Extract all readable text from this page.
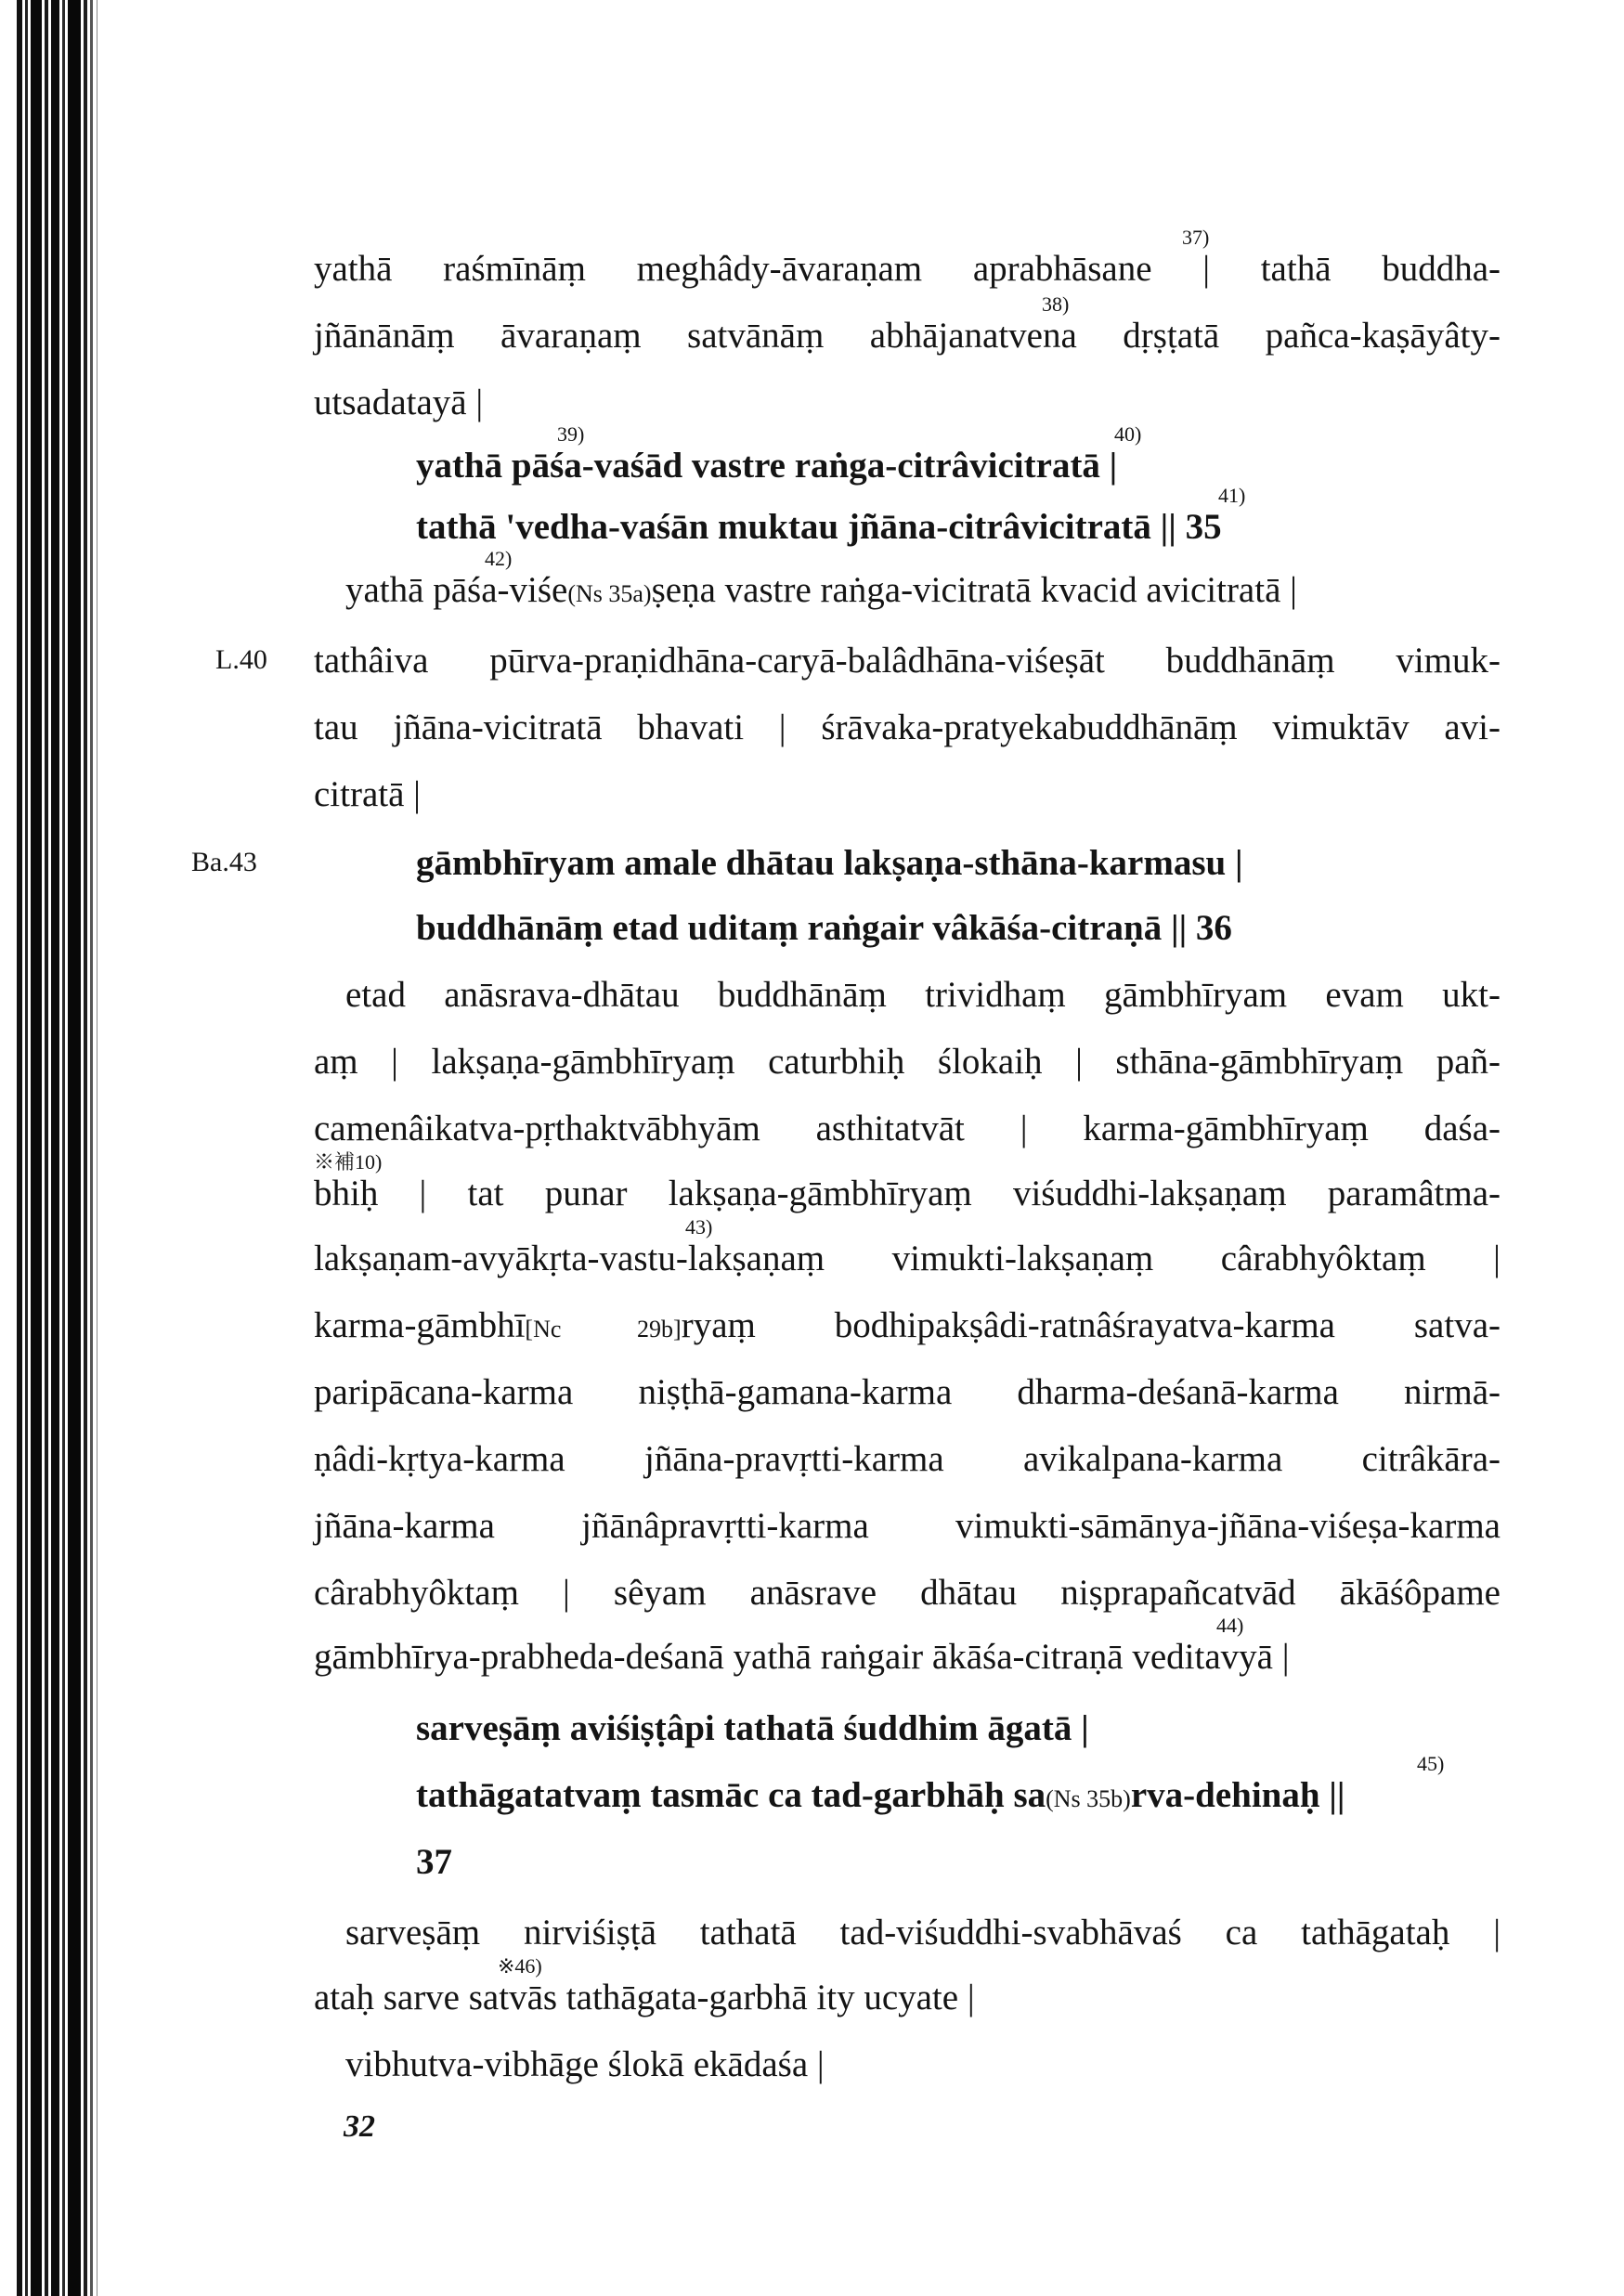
37)
yathā raśmīnāṃ meghâdy-āvaraṇam aprabhāsane | tathā buddha-
38)
jñānānāṃ āvaraṇaṃ satvānāṃ abhājanatvena dṛṣṭatā pañca-kaṣāyâty-
utsadatayā |
39)	40)
yathā pāśa-vaśād vastre raṅga-citrâvicitratā |
41)
tathā 'vedha-vaśān muktau jñāna-citrâvicitratā || 35
42)
yathā pāśa-viśe(Ns 35a)ṣeṇa vastre raṅga-vicitratā kvacid avicitratā |
L.40 tathâiva pūrva-praṇidhāna-caryā-balâdhāna-viśeṣāt buddhānāṃ vimuk-
tau jñāna-vicitratā bhavati | śrāvaka-pratyekabuddhānāṃ vimuktāv avi-
citratā |
Ba.43	gāmbhīryam amale dhātau lakṣaṇa-sthāna-karmasu |
buddhānāṃ etad uditaṃ raṅgair vâkāśa-citraṇā || 36
etad anāsrava-dhātau buddhānāṃ trividhaṃ gāmbhīryam evam ukt-
aṃ | lakṣaṇa-gāmbhīryaṃ caturbhiḥ ślokaiḥ | sthāna-gāmbhīryaṃ pañ-
camenâikatva-pṛthaktvābhyām asthitatvāt | karma-gāmbhīryaṃ daśa-
※補10)
bhiḥ | tat punar lakṣaṇa-gāmbhīryaṃ viśuddhi-lakṣaṇaṃ paramâtma-
43)
lakṣaṇam-avyākṛta-vastu-lakṣaṇaṃ vimukti-lakṣaṇaṃ cârabhyôktaṃ |
karma-gāmbhī[Nc 29b]ryaṃ bodhipakṣâdi-ratnâśrayatva-karma satva-
paripācana-karma niṣṭhā-gamana-karma dharma-deśanā-karma nirmā-
ṇâdi-kṛtya-karma jñāna-pravṛtti-karma avikalpana-karma citrâkāra-
jñāna-karma jñānâpravṛtti-karma vimukti-sāmānya-jñāna-viśeṣa-karma
cârabhyôktaṃ | sêyam anāsrave dhātau niṣprapañcatvād ākāśôpame
44)
gāmbhīrya-prabheda-deśanā yathā raṅgair ākāśa-citraṇā veditavyā |
sarveṣāṃ aviśiṣṭâpi tathatā śuddhim āgatā |
45)
tathāgatatvaṃ tasmāc ca tad-garbhāḥ sa(Ns 35b)rva-dehinaḥ ||
37
sarveṣāṃ nirviśiṣṭā tathatā tad-viśuddhi-svabhāvaś ca tathāgataḥ |
※46)
ataḥ sarve satvās tathāgata-garbhā ity ucyate |
vibhutva-vibhāge ślokā ekādaśa |
32
